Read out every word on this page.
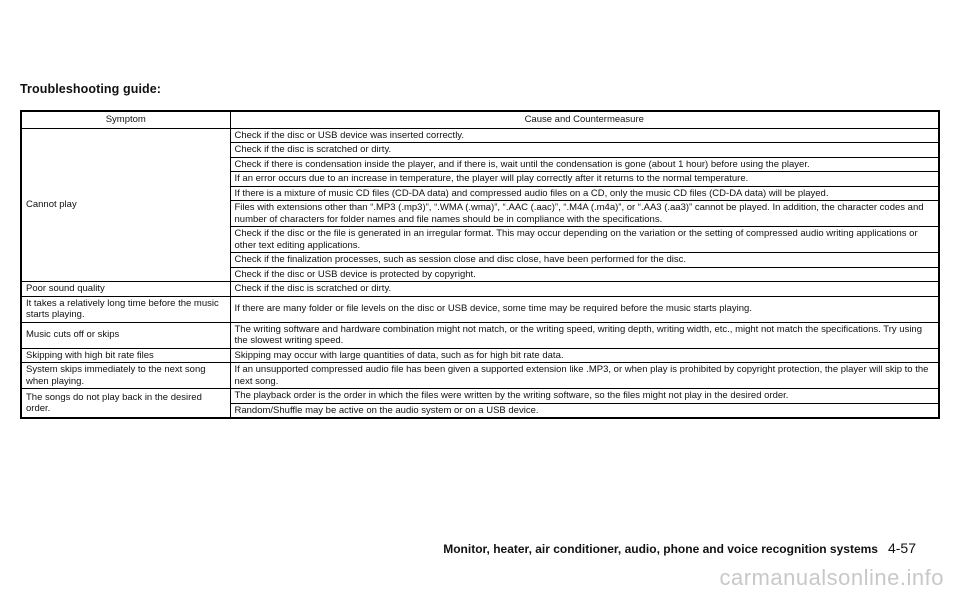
Troubleshooting guide:
Symptom	Cause and Countermeasure
Cannot play	Check if the disc or USB device was inserted correctly.
	Check if the disc is scratched or dirty.
	Check if there is condensation inside the player, and if there is, wait until the condensation is gone (about 1 hour) before using the player.
	If an error occurs due to an increase in temperature, the player will play correctly after it returns to the normal temperature.
	If there is a mixture of music CD files (CD-DA data) and compressed audio files on a CD, only the music CD files (CD-DA data) will be played.
	Files with extensions other than “.MP3 (.mp3)”, “.WMA (.wma)”, “.AAC (.aac)”, “.M4A (.m4a)”, or “.AA3 (.aa3)” cannot be played. In addition, the character codes and number of characters for folder names and file names should be in compliance with the specifications.
	Check if the disc or the file is generated in an irregular format. This may occur depending on the variation or the setting of compressed audio writing applications or other text editing applications.
	Check if the finalization processes, such as session close and disc close, have been performed for the disc.
	Check if the disc or USB device is protected by copyright.
Poor sound quality	Check if the disc is scratched or dirty.
It takes a relatively long time before the music starts playing.	If there are many folder or file levels on the disc or USB device, some time may be required before the music starts playing.
Music cuts off or skips	The writing software and hardware combination might not match, or the writing speed, writing depth, writing width, etc., might not match the specifications. Try using the slowest writing speed.
Skipping with high bit rate files	Skipping may occur with large quantities of data, such as for high bit rate data.
System skips immediately to the next song when playing.	If an unsupported compressed audio file has been given a supported extension like .MP3, or when play is prohibited by copyright protection, the player will skip to the next song.
The songs do not play back in the desired order.	The playback order is the order in which the files were written by the writing software, so the files might not play in the desired order.
	Random/Shuffle may be active on the audio system or on a USB device.
Monitor, heater, air conditioner, audio, phone and voice recognition systems 4-57
carmanualsonline.info
